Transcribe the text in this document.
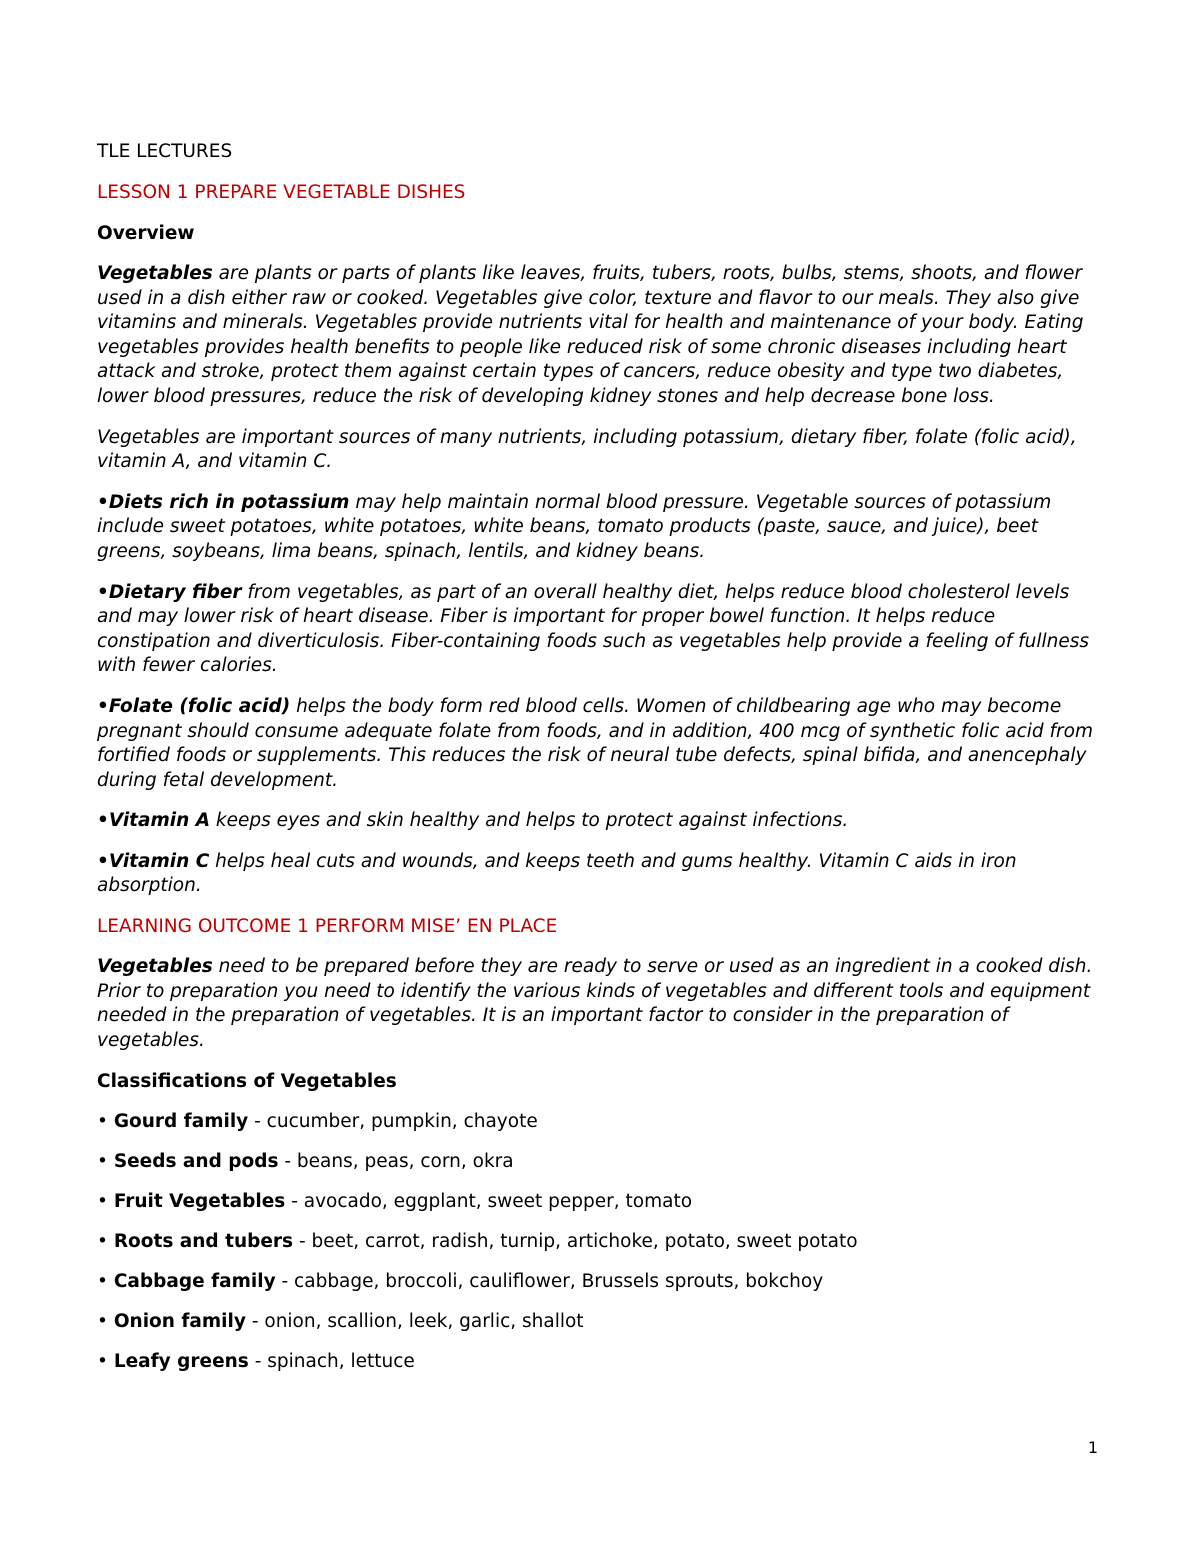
TLE LECTURES

LESSON 1 PREPARE VEGETABLE DISHES

Overview

Vegetables are plants or parts of plants like leaves, fruits, tubers, roots, bulbs, stems, shoots, and flower used in a dish either raw or cooked. Vegetables give color, texture and flavor to our meals. They also give vitamins and minerals. Vegetables provide nutrients vital for health and maintenance of your body. Eating vegetables provides health benefits to people like reduced risk of some chronic diseases including heart attack and stroke, protect them against certain types of cancers, reduce obesity and type two diabetes, lower blood pressures, reduce the risk of developing kidney stones and help decrease bone loss.

Vegetables are important sources of many nutrients, including potassium, dietary fiber, folate (folic acid), vitamin A, and vitamin C.

•Diets rich in potassium may help maintain normal blood pressure. Vegetable sources of potassium include sweet potatoes, white potatoes, white beans, tomato products (paste, sauce, and juice), beet greens, soybeans, lima beans, spinach, lentils, and kidney beans.

•Dietary fiber from vegetables, as part of an overall healthy diet, helps reduce blood cholesterol levels and may lower risk of heart disease. Fiber is important for proper bowel function. It helps reduce constipation and diverticulosis. Fiber-containing foods such as vegetables help provide a feeling of fullness with fewer calories.

•Folate (folic acid) helps the body form red blood cells. Women of childbearing age who may become pregnant should consume adequate folate from foods, and in addition, 400 mcg of synthetic folic acid from fortified foods or supplements. This reduces the risk of neural tube defects, spinal bifida, and anencephaly during fetal development.

•Vitamin A keeps eyes and skin healthy and helps to protect against infections.

•Vitamin C helps heal cuts and wounds, and keeps teeth and gums healthy. Vitamin C aids in iron absorption.

LEARNING OUTCOME 1 PERFORM MISE’ EN PLACE

Vegetables need to be prepared before they are ready to serve or used as an ingredient in a cooked dish. Prior to preparation you need to identify the various kinds of vegetables and different tools and equipment needed in the preparation of vegetables. It is an important factor to consider in the preparation of vegetables.

Classifications of Vegetables

• Gourd family - cucumber, pumpkin, chayote

• Seeds and pods - beans, peas, corn, okra

• Fruit Vegetables - avocado, eggplant, sweet pepper, tomato

• Roots and tubers - beet, carrot, radish, turnip, artichoke, potato, sweet potato

• Cabbage family - cabbage, broccoli, cauliflower, Brussels sprouts, bokchoy

• Onion family - onion, scallion, leek, garlic, shallot

• Leafy greens - spinach, lettuce

1
